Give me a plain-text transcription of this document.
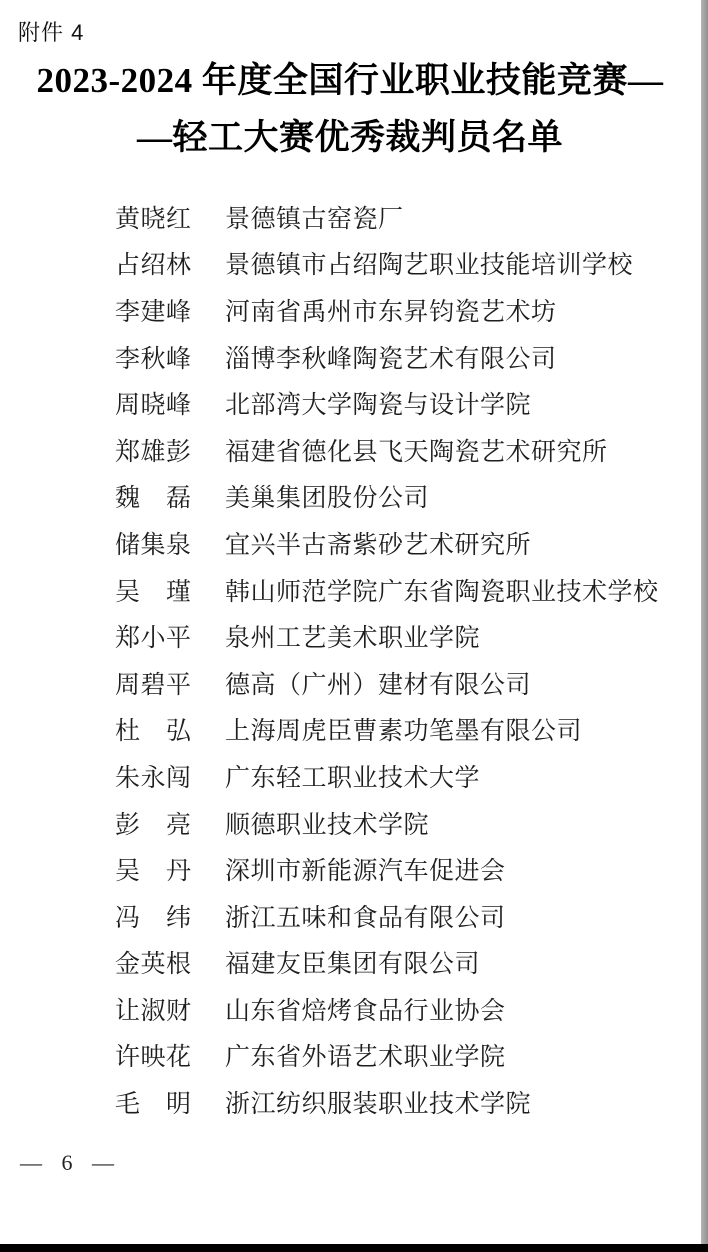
附件 4
2023-2024 年度全国行业职业技能竞赛—
—轻工大赛优秀裁判员名单
黄晓红 景德镇古窑瓷厂
占绍林 景德镇市占绍陶艺职业技能培训学校
李建峰 河南省禹州市东昇钧瓷艺术坊
李秋峰 淄博李秋峰陶瓷艺术有限公司
周晓峰 北部湾大学陶瓷与设计学院
郑雄彭 福建省德化县飞天陶瓷艺术研究所
魏　磊 美巢集团股份公司
储集泉 宜兴半古斋紫砂艺术研究所
吴　瑾 韩山师范学院广东省陶瓷职业技术学校
郑小平 泉州工艺美术职业学院
周碧平 德高（广州）建材有限公司
杜　弘 上海周虎臣曹素功笔墨有限公司
朱永闯 广东轻工职业技术大学
彭　亮 顺德职业技术学院
吴　丹 深圳市新能源汽车促进会
冯　纬 浙江五味和食品有限公司
金英根 福建友臣集团有限公司
让淑财 山东省焙烤食品行业协会
许映花 广东省外语艺术职业学院
毛　明 浙江纺织服装职业技术学院
— 6 —
